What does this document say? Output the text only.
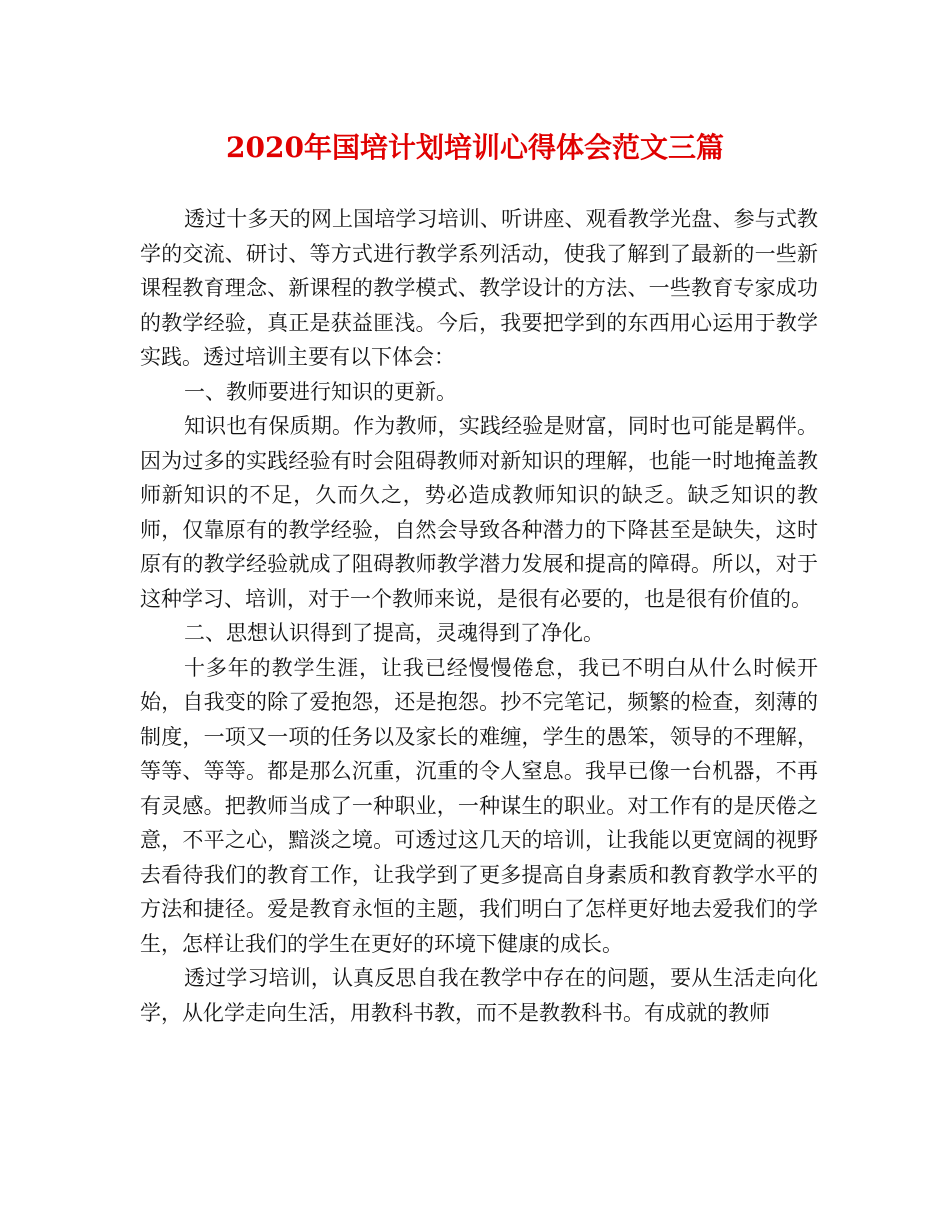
2020年国培计划培训心得体会范文三篇

透过十多天的网上国培学习培训、听讲座、观看教学光盘、参与式教学的交流、研讨、等方式进行教学系列活动，使我了解到了最新的一些新课程教育理念、新课程的教学模式、教学设计的方法、一些教育专家成功的教学经验，真正是获益匪浅。今后，我要把学到的东西用心运用于教学实践。透过培训主要有以下体会：

一、教师要进行知识的更新。

知识也有保质期。作为教师，实践经验是财富，同时也可能是羁伴。因为过多的实践经验有时会阻碍教师对新知识的理解，也能一时地掩盖教师新知识的不足，久而久之，势必造成教师知识的缺乏。缺乏知识的教师，仅靠原有的教学经验，自然会导致各种潜力的下降甚至是缺失，这时原有的教学经验就成了阻碍教师教学潜力发展和提高的障碍。所以，对于这种学习、培训，对于一个教师来说，是很有必要的，也是很有价值的。

二、思想认识得到了提高，灵魂得到了净化。

十多年的教学生涯，让我已经慢慢倦怠，我已不明白从什么时候开始，自我变的除了爱抱怨，还是抱怨。抄不完笔记，频繁的检查，刻薄的制度，一项又一项的任务以及家长的难缠，学生的愚笨，领导的不理解，等等、等等。都是那么沉重，沉重的令人窒息。我早已像一台机器，不再有灵感。把教师当成了一种职业，一种谋生的职业。对工作有的是厌倦之意，不平之心，黯淡之境。可透过这几天的培训，让我能以更宽阔的视野去看待我们的教育工作，让我学到了更多提高自身素质和教育教学水平的方法和捷径。爱是教育永恒的主题，我们明白了怎样更好地去爱我们的学生，怎样让我们的学生在更好的环境下健康的成长。

透过学习培训，认真反思自我在教学中存在的问题，要从生活走向化学，从化学走向生活，用教科书教，而不是教教科书。有成就的教师
